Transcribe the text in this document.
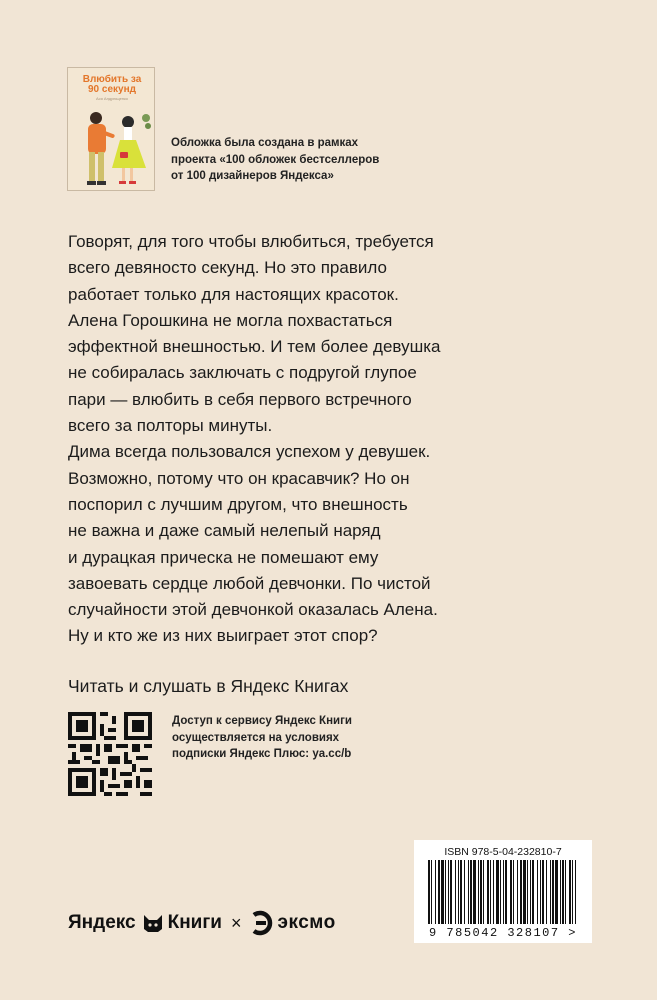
Влюбить за 90 секунд
Ася Андрющенко
Обложка была создана в рамках
проекта «100 обложек бестселлеров
от 100 дизайнеров Яндекса»
Говорят, для того чтобы влюбиться, требуется
всего девяносто секунд. Но это правило
работает только для настоящих красоток.
Алена Горошкина не могла похвастаться
эффектной внешностью. И тем более девушка
не собиралась заключать с подругой глупое
пари — влюбить в себя первого встречного
всего за полторы минуты.
Дима всегда пользовался успехом у девушек.
Возможно, потому что он красавчик? Но он
поспорил с лучшим другом, что внешность
не важна и даже самый нелепый наряд
и дурацкая прическа не помешают ему
завоевать сердце любой девчонки. По чистой
случайности этой девчонкой оказалась Алена.
Ну и кто же из них выиграет этот спор?
Читать и слушать в Яндекс Книгах
Доступ к сервису Яндекс Книги
осуществляется на условиях
подписки Яндекс Плюс: ya.cc/b
ISBN 978-5-04-232810-7
9 785042 328107 >
Яндекс Книги × эксмо
